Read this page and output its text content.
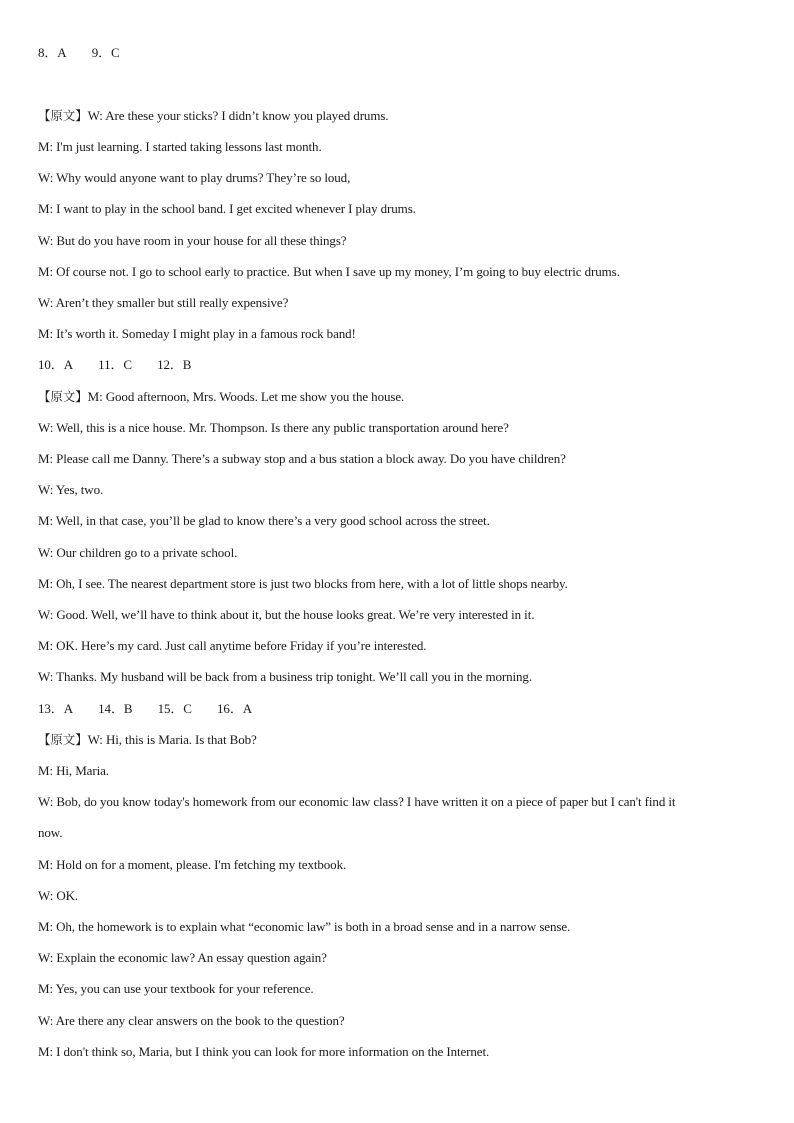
8．A 9．C
【原文】W: Are these your sticks? I didn’t know you played drums.
M: I'm just learning. I started taking lessons last month.
W: Why would anyone want to play drums? They’re so loud,
M: I want to play in the school band. I get excited whenever I play drums.
W: But do you have room in your house for all these things?
M: Of course not. I go to school early to practice. But when I save up my money, I’m going to buy electric drums.
W: Aren’t they smaller but still really expensive?
M: It’s worth it. Someday I might play in a famous rock band!
10．A 11．C 12．B
【原文】M: Good afternoon, Mrs. Woods. Let me show you the house.
W: Well, this is a nice house. Mr. Thompson. Is there any public transportation around here?
M: Please call me Danny. There’s a subway stop and a bus station a block away. Do you have children?
W: Yes, two.
M: Well, in that case, you’ll be glad to know there’s a very good school across the street.
W: Our children go to a private school.
M: Oh, I see. The nearest department store is just two blocks from here, with a lot of little shops nearby.
W: Good. Well, we’ll have to think about it, but the house looks great. We’re very interested in it.
M: OK. Here’s my card. Just call anytime before Friday if you’re interested.
W: Thanks. My husband will be back from a business trip tonight. We’ll call you in the morning.
13．A 14．B 15．C 16．A
【原文】W: Hi, this is Maria. Is that Bob?
M: Hi, Maria.
W: Bob, do you know today's homework from our economic law class? I have written it on a piece of paper but I can't find it
now.
M: Hold on for a moment, please. I'm fetching my textbook.
W: OK.
M: Oh, the homework is to explain what “economic law” is both in a broad sense and in a narrow sense.
W: Explain the economic law? An essay question again?
M: Yes, you can use your textbook for your reference.
W: Are there any clear answers on the book to the question?
M: I don't think so, Maria, but I think you can look for more information on the Internet.
